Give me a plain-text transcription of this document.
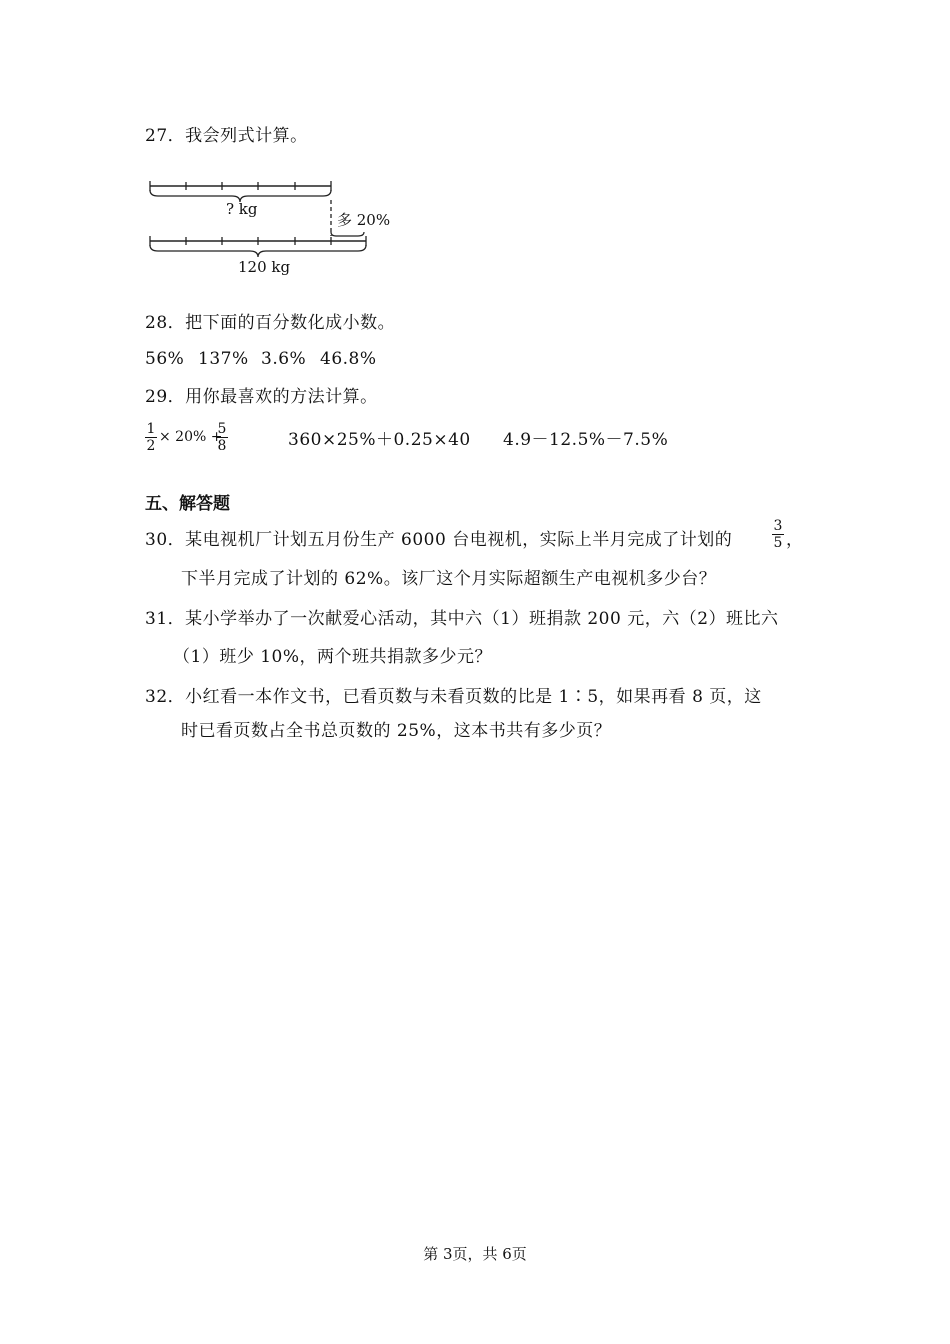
27．我会列式计算。
? kg
多 20%
120 kg
28．把下面的百分数化成小数。
56% 137% 3.6% 46.8%
29．用你最喜欢的方法计算。
$\frac{1}{2} \times 20\%$ +
$\frac{5}{8}$	360×25%＋0.25×40 4.9－12.5%－7.5%
五、解答题
30．某电视机厂计划五月份生产 6000 台电视机，实际上半月完成了计划的	$\frac{3}{5}$ ，
下半月完成了计划的 62%。该厂这个月实际超额生产电视机多少台？
31．某小学举办了一次献爱心活动，其中六（1）班捐款 200 元，六（2）班比六
（1）班少 10%，两个班共捐款多少元？
32．小红看一本作文书，已看页数与未看页数的比是 1∶5，如果再看 8 页，这
时已看页数占全书总页数的 25%，这本书共有多少页？
第 3页，共 6页
